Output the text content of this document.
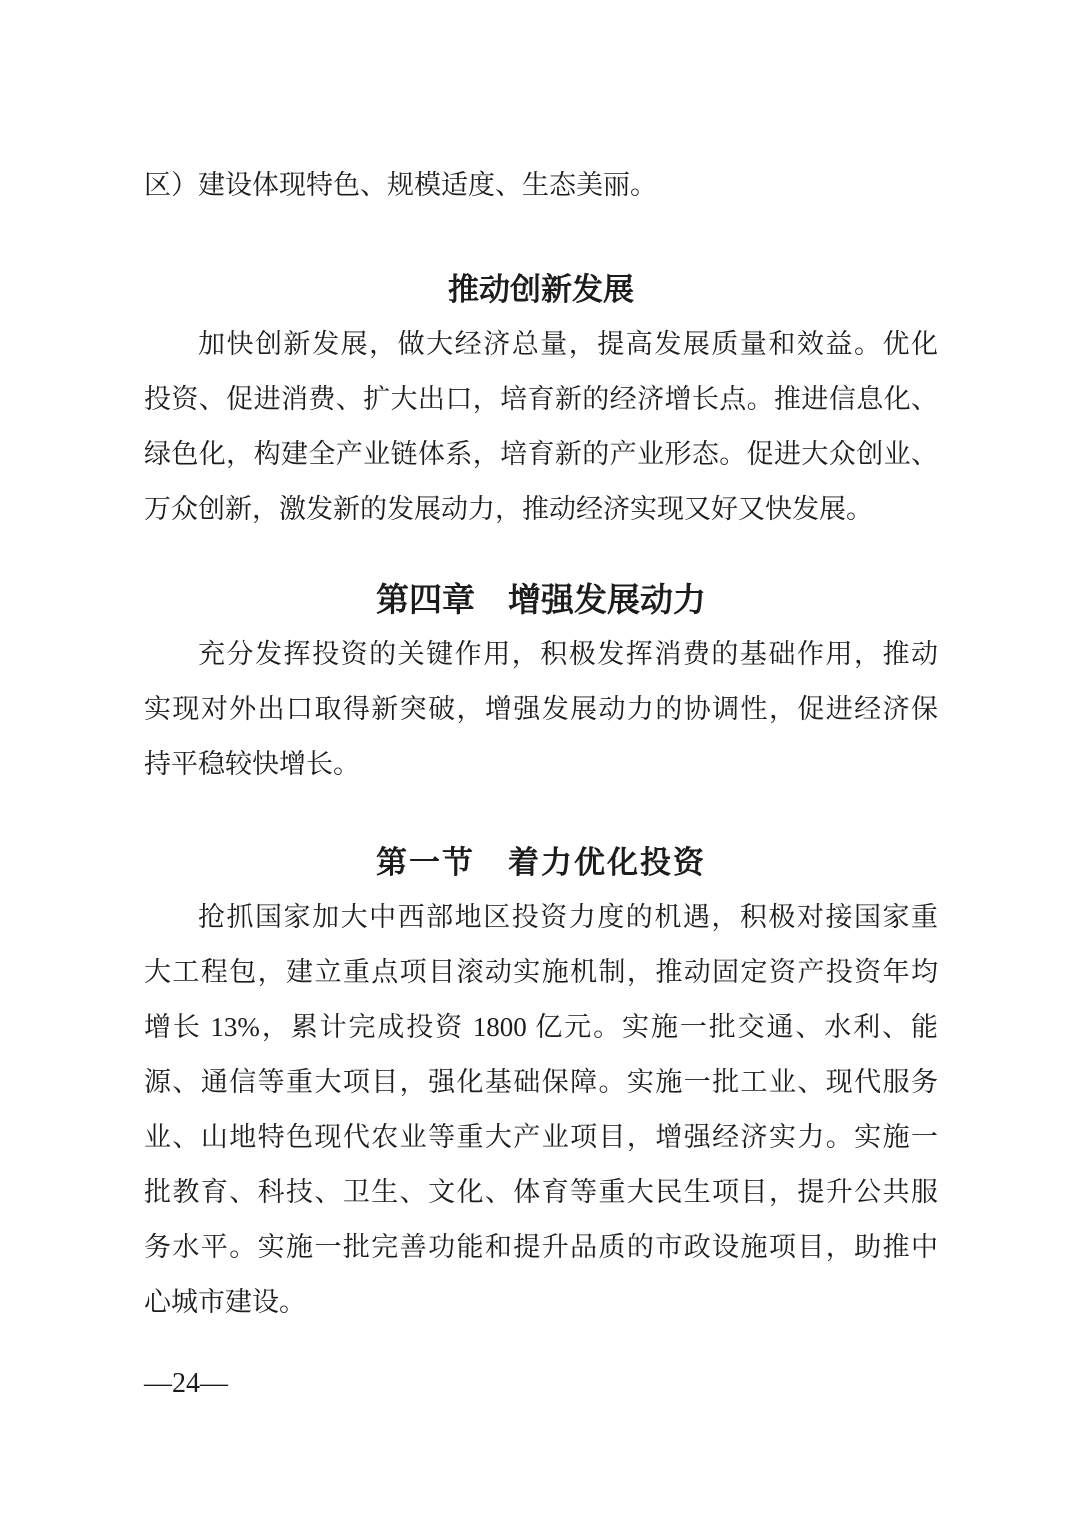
区）建设体现特色、规模适度、生态美丽。
推动创新发展
加快创新发展，做大经济总量，提高发展质量和效益。优化
投资、促进消费、扩大出口，培育新的经济增长点。推进信息化、
绿色化，构建全产业链体系，培育新的产业形态。促进大众创业、
万众创新，激发新的发展动力，推动经济实现又好又快发展。
第四章　增强发展动力
充分发挥投资的关键作用，积极发挥消费的基础作用，推动
实现对外出口取得新突破，增强发展动力的协调性，促进经济保
持平稳较快增长。
第一节　着力优化投资
抢抓国家加大中西部地区投资力度的机遇，积极对接国家重
大工程包，建立重点项目滚动实施机制，推动固定资产投资年均
增长 13%，累计完成投资 1800 亿元。实施一批交通、水利、能
源、通信等重大项目，强化基础保障。实施一批工业、现代服务
业、山地特色现代农业等重大产业项目，增强经济实力。实施一
批教育、科技、卫生、文化、体育等重大民生项目，提升公共服
务水平。实施一批完善功能和提升品质的市政设施项目，助推中
心城市建设。
—24—
